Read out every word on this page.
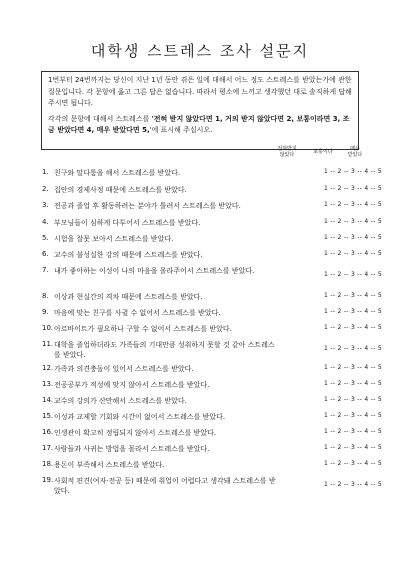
대학생 스트레스 조사 설문지

1번부터 24번까지는 당신이 지난 1년 동안 겪은 일에 대해서 어느 정도 스트레스를 받았는가에 관한 질문입니다. 각 문항에 옳고 그른 답은 없습니다. 따라서 평소에 느끼고 생각했던 대로 솔직하게 답해 주시면 됩니다.

각각의 문항에 대해서 스트레스를 '전혀 받지 않았다면 1, 거의 받지 않았다면 2, 보통이라면 3, 조금 받았다면 4, 매우 받았다면 5,'에 표시해 주십시오.

전혀받지
않았다	보통이다	매우
받았다
1. 친구와 말다툼을 해서 스트레스를 받았다.	1 -- 2 -- 3 -- 4 -- 5
2. 집안의 경제사정 때문에 스트레스를 받았다.	1 -- 2 -- 3 -- 4 -- 5
3. 전공과 졸업 후 활동하려는 분야가 틀려서 스트레스를 받았다.	1 -- 2 -- 3 -- 4 -- 5
4. 부모님들이 심하게 다투어서 스트레스를 받았다.	1 -- 2 -- 3 -- 4 -- 5
5. 시험을 잘못 보아서 스트레스를 받았다.	1 -- 2 -- 3 -- 4 -- 5
6. 교수의 불성실한 강의 때문에 스트레스를 받았다.	1 -- 2 -- 3 -- 4 -- 5
7. 내가 좋아하는 이성이 나의 마음을 몰라주어서 스트레스를 받았다.	1 -- 2 -- 3 -- 4 -- 5
8. 이상과 현실간의 격차 때문에 스트레스를 받았다.	1 -- 2 -- 3 -- 4 -- 5
9. 마음에 맞는 친구를 사귈 수 없어서 스트레스를 받았다.	1 -- 2 -- 3 -- 4 -- 5
10. 아르바이트가 필요하나 구할 수 없어서 스트레스를 받았다.	1 -- 2 -- 3 -- 4 -- 5
11. 대학을 졸업하더라도 가족들의 기대만큼 성취하지 못할 것 같아 스트레스를 받았다.
1 -- 2 -- 3 -- 4 -- 5
12. 가족과 의견충돌이 있어서 스트레스를 받았다.	1 -- 2 -- 3 -- 4 -- 5
13. 전공공부가 적성에 맞지 않아서 스트레스를 받았다.	1 -- 2 -- 3 -- 4 -- 5
14. 교수의 강의가 산만해서 스트레스를 받았다.	1 -- 2 -- 3 -- 4 -- 5
15. 이성과 교제할 기회와 시간이 없어서 스트레스를 받았다.	1 -- 2 -- 3 -- 4 -- 5
16. 인생관이 확고히 정립되지 않아서 스트레스를 받았다.	1 -- 2 -- 3 -- 4 -- 5
17. 사람들과 사귀는 방법을 몰라서 스트레스를 받았다.	1 -- 2 -- 3 -- 4 -- 5
18. 용돈이 부족해서 스트레스를 받았다.	1 -- 2 -- 3 -- 4 -- 5
19. 사회적 편견(여자·전공 등) 때문에 취업이 어렵다고 생각돼 스트레스를 받았다.
1 -- 2 -- 3 -- 4 -- 5
